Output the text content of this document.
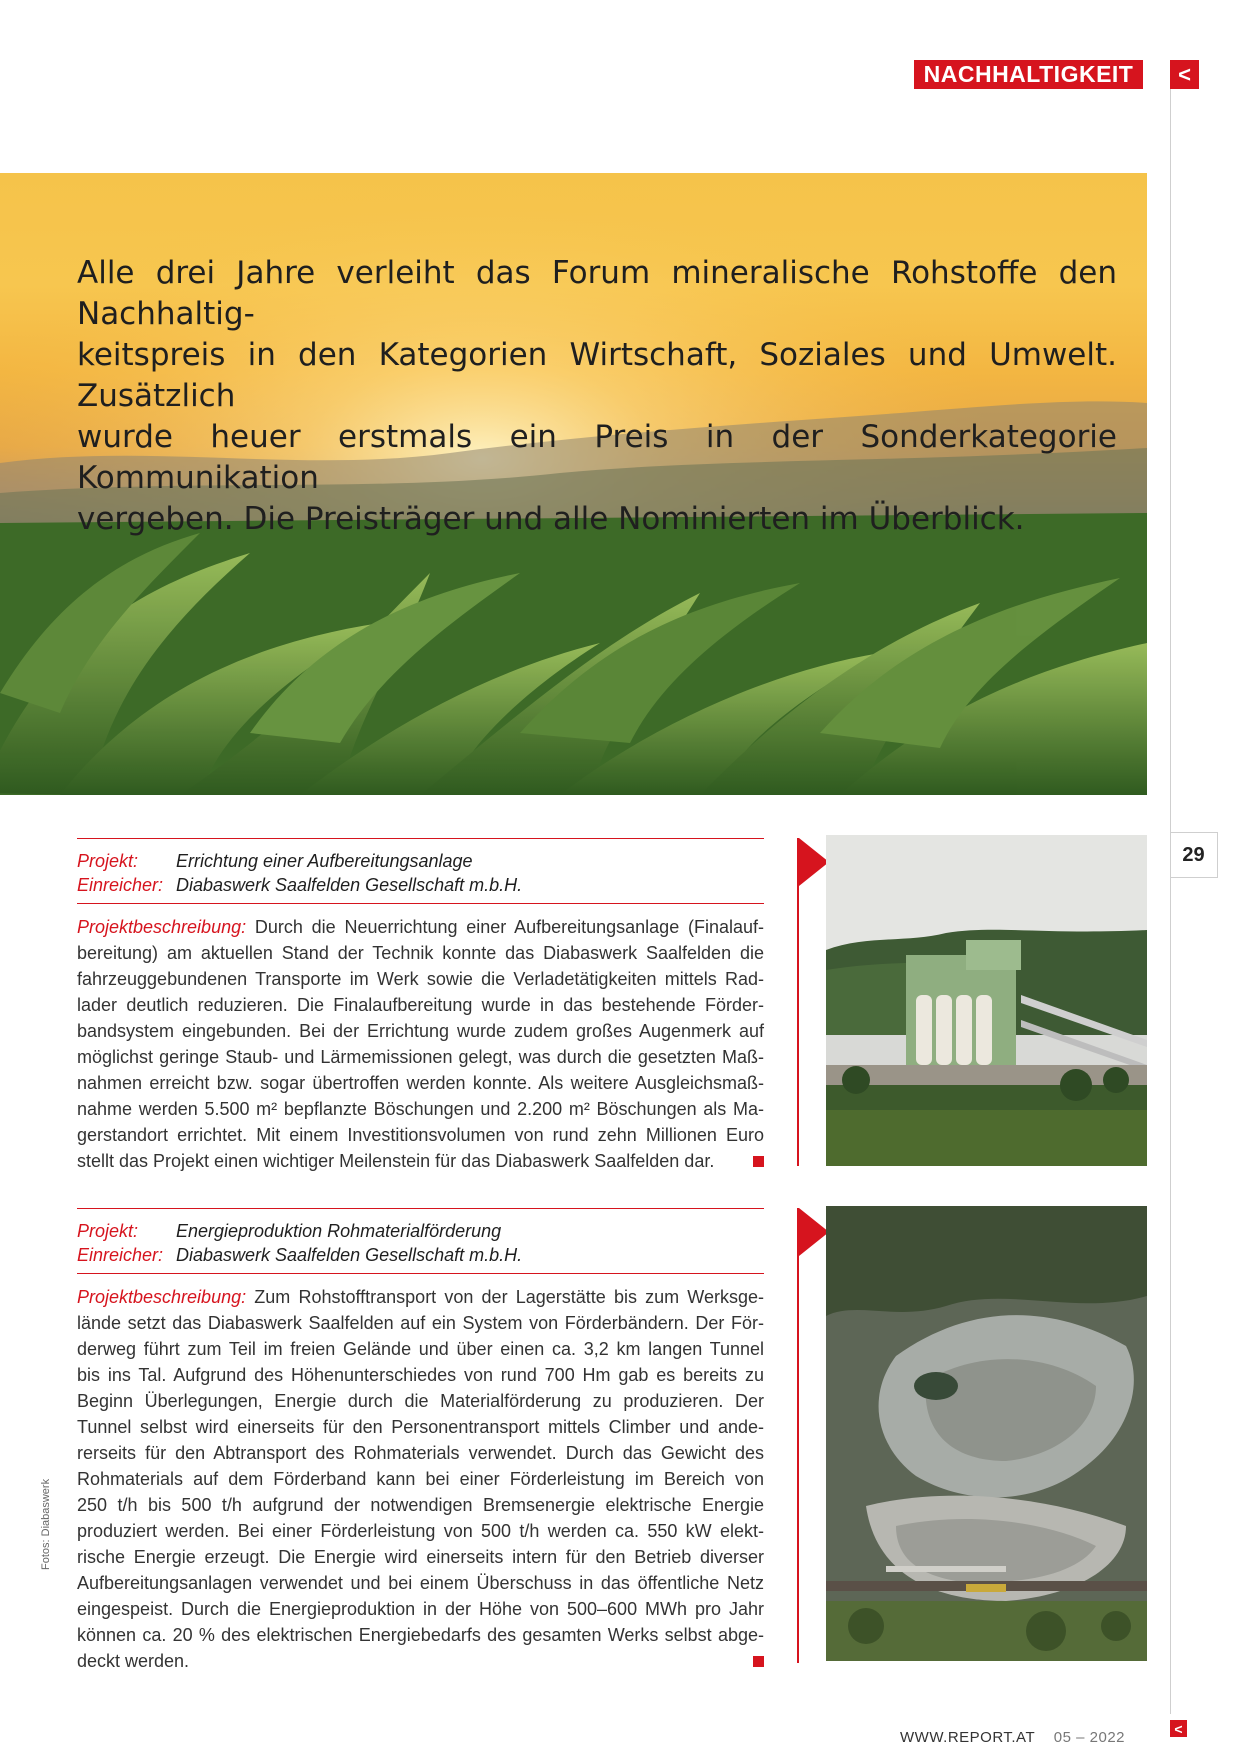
NACHHALTIGKEIT	<
Alle drei Jahre verleiht das Forum mineralische Rohstoffe den Nachhaltig-
keitspreis in den Kategorien Wirtschaft, Soziales und Umwelt. Zusätzlich
wurde heuer erstmals ein Preis in der Sonderkategorie Kommunikation
vergeben. Die Preisträger und alle Nominierten im Überblick.
29
Projekt:	Errichtung einer Aufbereitungsanlage
Einreicher: Diabaswerk Saalfelden Gesellschaft m.b.H.
Projektbeschreibung: Durch die Neuerrichtung einer Aufbereitungsanlage (Finalauf-
bereitung) am aktuellen Stand der Technik konnte das Diabaswerk Saalfelden die
fahrzeuggebundenen Transporte im Werk sowie die Verladetätigkeiten mittels Rad-
lader deutlich reduzieren. Die Finalaufbereitung wurde in das bestehende Förder-
bandsystem eingebunden. Bei der Errichtung wurde zudem großes Augenmerk auf
möglichst geringe Staub- und Lärmemissionen gelegt, was durch die gesetzten Maß-
nahmen erreicht bzw. sogar übertroffen werden konnte. Als weitere Ausgleichsmaß-
nahme werden 5.500 m² bepflanzte Böschungen und 2.200 m² Böschungen als Ma-
gerstandort errichtet. Mit einem Investitionsvolumen von rund zehn Millionen Euro
stellt das Projekt einen wichtiger Meilenstein für das Diabaswerk Saalfelden dar.
Projekt:	Energieproduktion Rohmaterialförderung
Einreicher: Diabaswerk Saalfelden Gesellschaft m.b.H.
Projektbeschreibung: Zum Rohstofftransport von der Lagerstätte bis zum Werksge-
lände setzt das Diabaswerk Saalfelden auf ein System von Förderbändern. Der För-
derweg führt zum Teil im freien Gelände und über einen ca. 3,2 km langen Tunnel
bis ins Tal. Aufgrund des Höhenunterschiedes von rund 700 Hm gab es bereits zu
Beginn Überlegungen, Energie durch die Materialförderung zu produzieren. Der
Tunnel selbst wird einerseits für den Personentransport mittels Climber und ande-
rerseits für den Abtransport des Rohmaterials verwendet. Durch das Gewicht des
Rohmaterials auf dem Förderband kann bei einer Förderleistung im Bereich von
250 t/h bis 500 t/h aufgrund der notwendigen Bremsenergie elektrische Energie
produziert werden. Bei einer Förderleistung von 500 t/h werden ca. 550 kW elekt-
rische Energie erzeugt. Die Energie wird einerseits intern für den Betrieb diverser
Aufbereitungsanlagen verwendet und bei einem Überschuss in das öffentliche Netz
eingespeist. Durch die Energieproduktion in der Höhe von 500–600 MWh pro Jahr
können ca. 20 % des elektrischen Energiebedarfs des gesamten Werks selbst abge-
deckt werden.
Fotos: Diabaswerk
WWW.REPORT.AT 05 – 2022
<
